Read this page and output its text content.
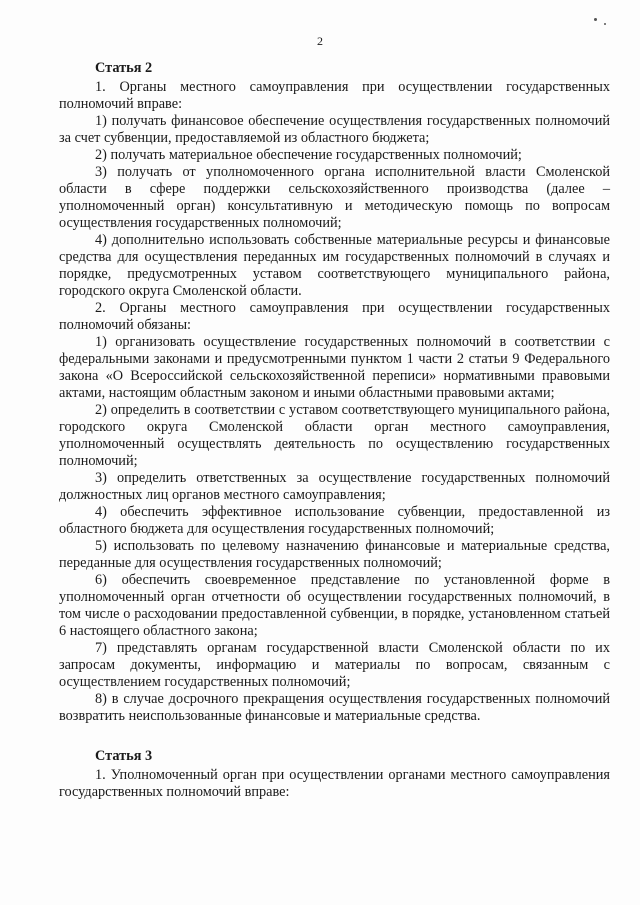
2

Статья 2

1. Органы местного самоуправления при осуществлении государственных полномочий вправе:

1) получать финансовое обеспечение осуществления государственных полномочий за счет субвенции, предоставляемой из областного бюджета;

2) получать материальное обеспечение государственных полномочий;

3) получать от уполномоченного органа исполнительной власти Смоленской области в сфере поддержки сельскохозяйственного производства (далее – уполномоченный орган) консультативную и методическую помощь по вопросам осуществления государственных полномочий;

4) дополнительно использовать собственные материальные ресурсы и финансовые средства для осуществления переданных им государственных полномочий в случаях и порядке, предусмотренных уставом соответствующего муниципального района, городского округа Смоленской области.

2. Органы местного самоуправления при осуществлении государственных полномочий обязаны:

1) организовать осуществление государственных полномочий в соответствии с федеральными законами и предусмотренными пунктом 1 части 2 статьи 9 Федерального закона «О Всероссийской сельскохозяйственной переписи» нормативными правовыми актами, настоящим областным законом и иными областными правовыми актами;

2) определить в соответствии с уставом соответствующего муниципального района, городского округа Смоленской области орган местного самоуправления, уполномоченный осуществлять деятельность по осуществлению государственных полномочий;

3) определить ответственных за осуществление государственных полномочий должностных лиц органов местного самоуправления;

4) обеспечить эффективное использование субвенции, предоставленной из областного бюджета для осуществления государственных полномочий;

5) использовать по целевому назначению финансовые и материальные средства, переданные для осуществления государственных полномочий;

6) обеспечить своевременное представление по установленной форме в уполномоченный орган отчетности об осуществлении государственных полномочий, в том числе о расходовании предоставленной субвенции, в порядке, установленном статьей 6 настоящего областного закона;

7) представлять органам государственной власти Смоленской области по их запросам документы, информацию и материалы по вопросам, связанным с осуществлением государственных полномочий;

8) в случае досрочного прекращения осуществления государственных полномочий возвратить неиспользованные финансовые и материальные средства.

Статья 3

1. Уполномоченный орган при осуществлении органами местного самоуправления государственных полномочий вправе:
